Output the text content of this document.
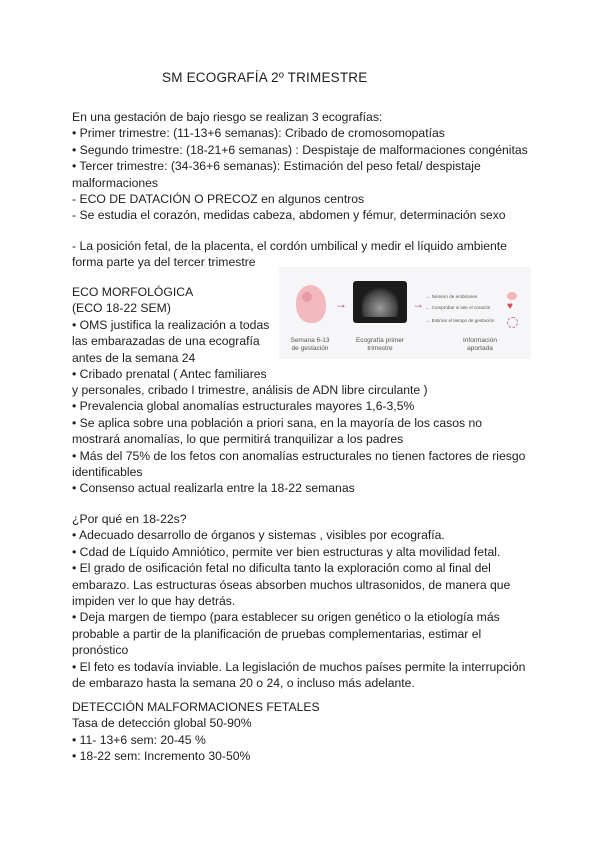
SM ECOGRAFÍA 2º TRIMESTRE
En una gestación de bajo riesgo se realizan 3 ecografías:
• Primer trimestre: (11-13+6 semanas): Cribado de cromosomopatías
• Segundo trimestre: (18-21+6 semanas) : Despistaje de malformaciones congénitas
• Tercer trimestre: (34-36+6 semanas): Estimación del peso fetal/ despistaje
malformaciones
- ECO DE DATACIÓN O PRECOZ en algunos centros
- Se estudia el corazón, medidas cabeza, abdomen y fémur, determinación sexo
- La posición fetal, de la placenta, el cordón umbilical y medir el líquido ambiente
forma parte ya del tercer trimestre
ECO MORFOLÓGICA
(ECO 18-22 SEM)
• OMS justifica la realización a todas
las embarazadas de una ecografía
antes de la semana 24
• Cribado prenatal ( Antec familiares
Semana 6-13
de gestación
→
Ecografía primer
trimestre
→
→ Número de embriones
→ Comprobar si late el corazón
→ Estimar el tiempo de gestación
♥
Información
aportada
y personales, cribado I trimestre, análisis de ADN libre circulante )
• Prevalencia global anomalías estructurales mayores 1,6-3,5%
• Se aplica sobre una población a priori sana, en la mayoría de los casos no
mostrará anomalías, lo que permitirá tranquilizar a los padres
• Más del 75% de los fetos con anomalías estructurales no tienen factores de riesgo
identificables
• Consenso actual realizarla entre la 18-22 semanas
¿Por qué en 18-22s?
• Adecuado desarrollo de órganos y sistemas , visibles por ecografía.
• Cdad de Líquido Amniótico, permite ver bien estructuras y alta movilidad fetal.
• El grado de osificación fetal no dificulta tanto la exploración como al final del
embarazo. Las estructuras óseas absorben muchos ultrasonidos, de manera que
impiden ver lo que hay detrás.
• Deja margen de tiempo (para establecer su origen genético o la etiología más
probable a partir de la planificación de pruebas complementarias, estimar el
pronóstico
• El feto es todavía inviable. La legislación de muchos países permite la interrupción
de embarazo hasta la semana 20 o 24, o incluso más adelante.
DETECCIÓN MALFORMACIONES FETALES
Tasa de detección global 50-90%
• 11- 13+6 sem: 20-45 %
• 18-22 sem: Incremento 30-50%
